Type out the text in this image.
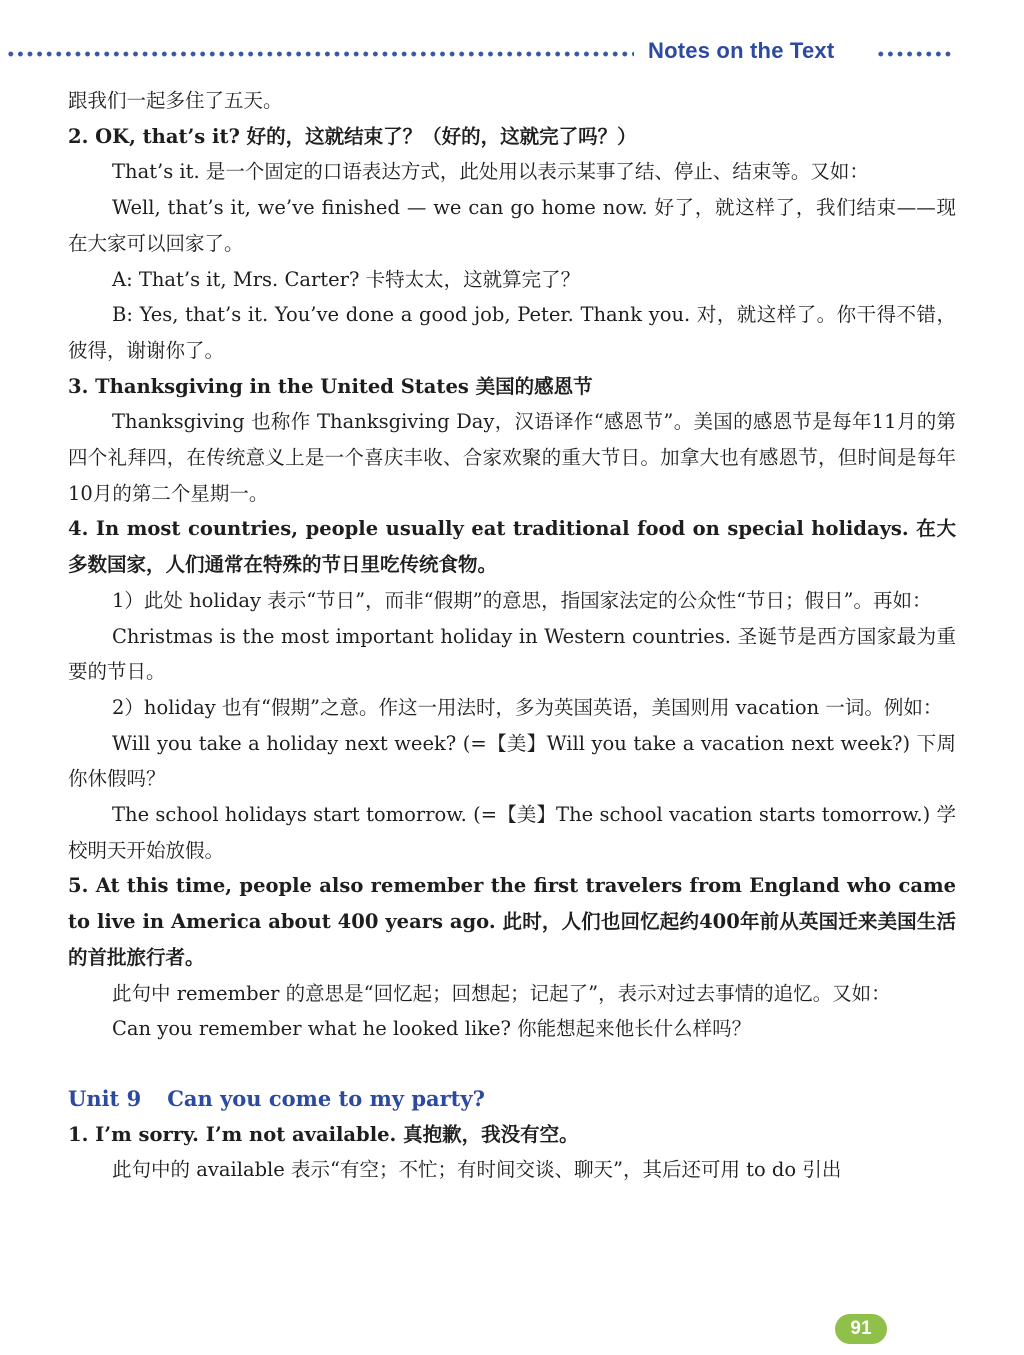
Notes on the Text

跟我们一起多住了五天。

2. OK, that’s it? 好的，这就结束了？（好的，这就完了吗？）

That’s it. 是一个固定的口语表达方式，此处用以表示某事了结、停止、结束等。又如：

Well, that’s it, we’ve finished — we can go home now. 好了，就这样了，我们结束——现在大家可以回家了。

A: That’s it, Mrs. Carter? 卡特太太，这就算完了？

B: Yes, that’s it. You’ve done a good job, Peter. Thank you. 对，就这样了。你干得不错，彼得，谢谢你了。

3. Thanksgiving in the United States 美国的感恩节

Thanksgiving 也称作 Thanksgiving Day，汉语译作“感恩节”。美国的感恩节是每年11月的第四个礼拜四，在传统意义上是一个喜庆丰收、合家欢聚的重大节日。加拿大也有感恩节，但时间是每年10月的第二个星期一。

4. In most countries, people usually eat traditional food on special holidays. 在大多数国家，人们通常在特殊的节日里吃传统食物。

1）此处 holiday 表示“节日”，而非“假期”的意思，指国家法定的公众性“节日；假日”。再如：

Christmas is the most important holiday in Western countries. 圣诞节是西方国家最为重要的节日。

2）holiday 也有“假期”之意。作这一用法时，多为英国英语，美国则用 vacation 一词。例如：

Will you take a holiday next week? (=【美】Will you take a vacation next week?) 下周你休假吗？

The school holidays start tomorrow. (=【美】The school vacation starts tomorrow.) 学校明天开始放假。

5. At this time, people also remember the first travelers from England who came to live in America about 400 years ago. 此时，人们也回忆起约400年前从英国迁来美国生活的首批旅行者。

此句中 remember 的意思是“回忆起；回想起；记起了”，表示对过去事情的追忆。又如：

Can you remember what he looked like? 你能想起来他长什么样吗？

Unit 9 Can you come to my party?

1. I’m sorry. I’m not available. 真抱歉，我没有空。

此句中的 available 表示“有空；不忙；有时间交谈、聊天”，其后还可用 to do 引出

91
